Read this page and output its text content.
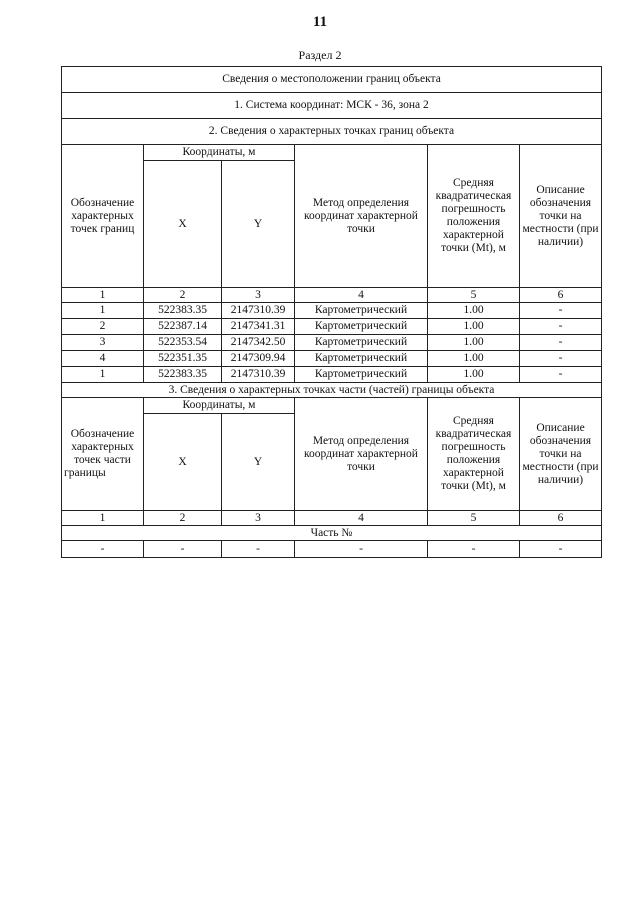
11
Раздел 2
Сведения о местоположении границ объекта					
1. Система координат: МСК - 36, зона 2					
2. Сведения о характерных точках границ объекта					
Обозначение характерных точек границ	Координаты, м		Метод определения координат характерной точки	Средняя квадратическая погрешность положения характерной точки (Mt), м	Описание обозначения точки на местности (при наличии)
	X	Y			
1	2	3	4	5	6
1	522383.35	2147310.39	Картометрический	1.00	-
2	522387.14	2147341.31	Картометрический	1.00	-
3	522353.54	2147342.50	Картометрический	1.00	-
4	522351.35	2147309.94	Картометрический	1.00	-
1	522383.35	2147310.39	Картометрический	1.00	-
3. Сведения о характерных точках части (частей) границы объекта					
Обозначение характерных точек части границы	Координаты, м		Метод определения координат характерной точки	Средняя квадратическая погрешность положения характерной точки (Mt), м	Описание обозначения точки на местности (при наличии)
	X	Y			
1	2	3	4	5	6
Часть №					
-	-	-	-	-	-
